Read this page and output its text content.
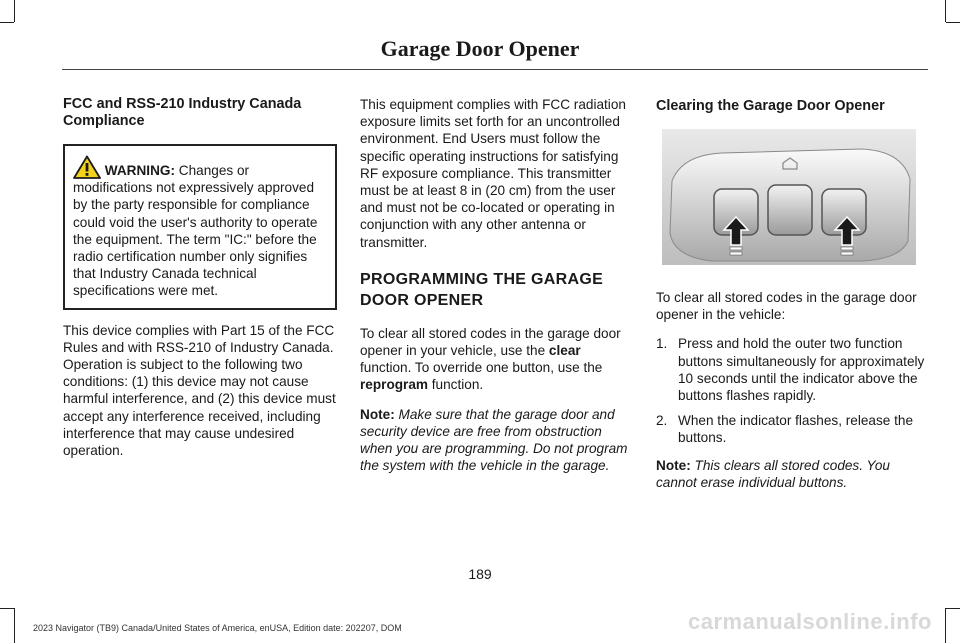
Garage Door Opener
FCC and RSS-210 Industry Canada Compliance
WARNING: Changes or modifications not expressively approved by the party responsible for compliance could void the user's authority to operate the equipment. The term "IC:" before the radio certification number only signifies that Industry Canada technical specifications were met.

This device complies with Part 15 of the FCC Rules and with RSS-210 of Industry Canada. Operation is subject to the following two conditions: (1) this device may not cause harmful interference, and (2) this device must accept any interference received, including interference that may cause undesired operation.

This equipment complies with FCC radiation exposure limits set forth for an uncontrolled environment. End Users must follow the specific operating instructions for satisfying RF exposure compliance. This transmitter must be at least 8 in (20 cm) from the user and must not be co-located or operating in conjunction with any other antenna or transmitter.

PROGRAMMING THE GARAGE
DOOR OPENER

To clear all stored codes in the garage door opener in your vehicle, use the clear function. To override one button, use the reprogram function.

Note: Make sure that the garage door and security device are free from obstruction when you are programming. Do not program the system with the vehicle in the garage.

Clearing the Garage Door Opener

To clear all stored codes in the garage door opener in the vehicle:

1. Press and hold the outer two function buttons simultaneously for approximately 10 seconds until the indicator above the buttons flashes rapidly.
2. When the indicator flashes, release the buttons.

Note: This clears all stored codes. You cannot erase individual buttons.

189
2023 Navigator (TB9) Canada/United States of America, enUSA, Edition date: 202207, DOM	carmanualsonline.info
